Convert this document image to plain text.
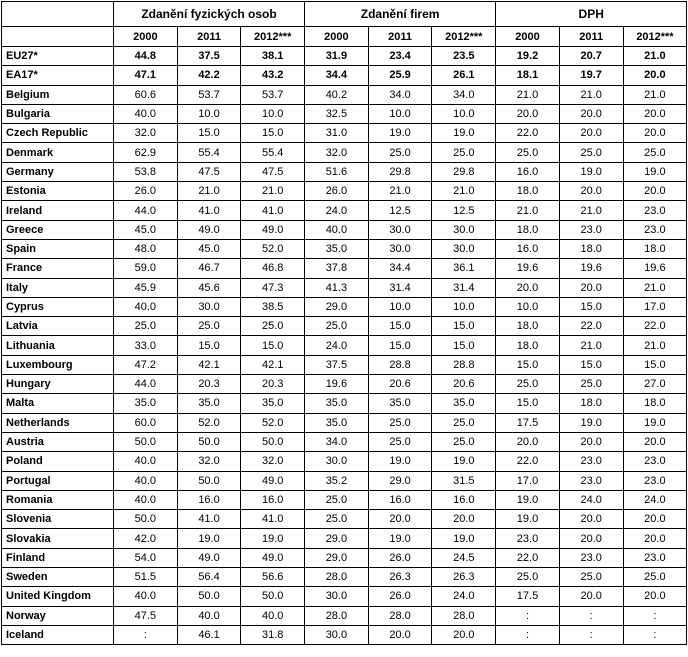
	Zdanění fyzických osob			Zdanění firem			DPH		
	2000	2011	2012***	2000	2011	2012***	2000	2011	2012***
EU27*	44.8	37.5	38.1	31.9	23.4	23.5	19.2	20.7	21.0
EA17*	47.1	42.2	43.2	34.4	25.9	26.1	18.1	19.7	20.0
Belgium	60.6	53.7	53.7	40.2	34.0	34.0	21.0	21.0	21.0
Bulgaria	40.0	10.0	10.0	32.5	10.0	10.0	20.0	20.0	20.0
Czech Republic	32.0	15.0	15.0	31.0	19.0	19.0	22.0	20.0	20.0
Denmark	62.9	55.4	55.4	32.0	25.0	25.0	25.0	25.0	25.0
Germany	53.8	47.5	47.5	51.6	29.8	29.8	16.0	19.0	19.0
Estonia	26.0	21.0	21.0	26.0	21.0	21.0	18.0	20.0	20.0
Ireland	44.0	41.0	41.0	24.0	12.5	12.5	21.0	21.0	23.0
Greece	45.0	49.0	49.0	40.0	30.0	30.0	18.0	23.0	23.0
Spain	48.0	45.0	52.0	35.0	30.0	30.0	16.0	18.0	18.0
France	59.0	46.7	46.8	37.8	34.4	36.1	19.6	19.6	19.6
Italy	45.9	45.6	47.3	41.3	31.4	31.4	20.0	20.0	21.0
Cyprus	40.0	30.0	38.5	29.0	10.0	10.0	10.0	15.0	17.0
Latvia	25.0	25.0	25.0	25.0	15.0	15.0	18.0	22.0	22.0
Lithuania	33.0	15.0	15.0	24.0	15.0	15.0	18.0	21.0	21.0
Luxembourg	47.2	42.1	42.1	37.5	28.8	28.8	15.0	15.0	15.0
Hungary	44.0	20.3	20.3	19.6	20.6	20.6	25.0	25.0	27.0
Malta	35.0	35.0	35.0	35.0	35.0	35.0	15.0	18.0	18.0
Netherlands	60.0	52.0	52.0	35.0	25.0	25.0	17.5	19.0	19.0
Austria	50.0	50.0	50.0	34.0	25.0	25.0	20.0	20.0	20.0
Poland	40.0	32.0	32.0	30.0	19.0	19.0	22.0	23.0	23.0
Portugal	40.0	50.0	49.0	35.2	29.0	31.5	17.0	23.0	23.0
Romania	40.0	16.0	16.0	25.0	16.0	16.0	19.0	24.0	24.0
Slovenia	50.0	41.0	41.0	25.0	20.0	20.0	19.0	20.0	20.0
Slovakia	42.0	19.0	19.0	29.0	19.0	19.0	23.0	20.0	20.0
Finland	54.0	49.0	49.0	29.0	26.0	24.5	22.0	23.0	23.0
Sweden	51.5	56.4	56.6	28.0	26.3	26.3	25.0	25.0	25.0
United Kingdom	40.0	50.0	50.0	30.0	26.0	24.0	17.5	20.0	20.0
Norway	47.5	40.0	40.0	28.0	28.0	28.0	:	:	:
Iceland	:	46.1	31.8	30.0	20.0	20.0	:	:	:
